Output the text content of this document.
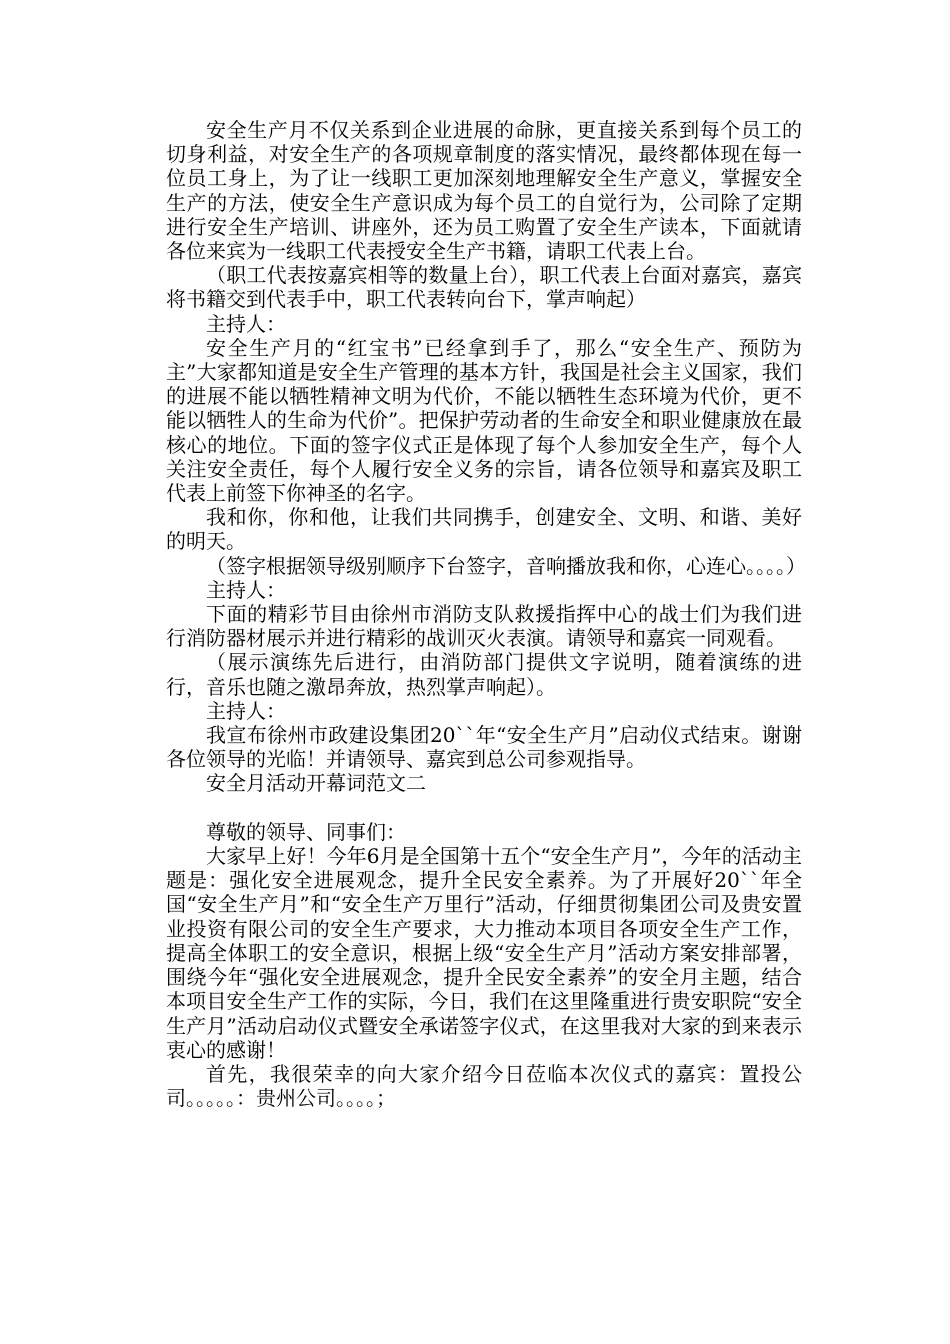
安全生产月不仅关系到企业进展的命脉，更直接关系到每个员工的切身利益，对安全生产的各项规章制度的落实情况，最终都体现在每一位员工身上，为了让一线职工更加深刻地理解安全生产意义，掌握安全生产的方法，使安全生产意识成为每个员工的自觉行为，公司除了定期进行安全生产培训、讲座外，还为员工购置了安全生产读本，下面就请各位来宾为一线职工代表授安全生产书籍，请职工代表上台。

（职工代表按嘉宾相等的数量上台），职工代表上台面对嘉宾，嘉宾将书籍交到代表手中，职工代表转向台下，掌声响起）

主持人：

安全生产月的“红宝书”已经拿到手了，那么“安全生产、预防为主”大家都知道是安全生产管理的基本方针，我国是社会主义国家，我们的进展不能以牺牲精神文明为代价，不能以牺牲生态环境为代价，更不能以牺牲人的生命为代价”。把保护劳动者的生命安全和职业健康放在最核心的地位。下面的签字仪式正是体现了每个人参加安全生产，每个人关注安全责任，每个人履行安全义务的宗旨，请各位领导和嘉宾及职工代表上前签下你神圣的名字。

我和你，你和他，让我们共同携手，创建安全、文明、和谐、美好的明天。

（签字根据领导级别顺序下台签字，音响播放我和你，心连心。。。。）

主持人：

下面的精彩节目由徐州市消防支队救援指挥中心的战士们为我们进行消防器材展示并进行精彩的战训灭火表演。请领导和嘉宾一同观看。

（展示演练先后进行，由消防部门提供文字说明，随着演练的进行，音乐也随之激昂奔放，热烈掌声响起）。

主持人：

我宣布徐州市政建设集团20``年“安全生产月”启动仪式结束。谢谢各位领导的光临！并请领导、嘉宾到总公司参观指导。

安全月活动开幕词范文二

尊敬的领导、同事们：

大家早上好！今年6月是全国第十五个“安全生产月”，今年的活动主题是：强化安全进展观念，提升全民安全素养。为了开展好20``年全国“安全生产月”和“安全生产万里行”活动，仔细贯彻集团公司及贵安置业投资有限公司的安全生产要求，大力推动本项目各项安全生产工作，提高全体职工的安全意识，根据上级“安全生产月”活动方案安排部署，围绕今年“强化安全进展观念，提升全民安全素养”的安全月主题，结合本项目安全生产工作的实际，今日，我们在这里隆重进行贵安职院“安全生产月”活动启动仪式暨安全承诺签字仪式，在这里我对大家的到来表示衷心的感谢！

首先，我很荣幸的向大家介绍今日莅临本次仪式的嘉宾：置投公司。。。。。：贵州公司。。。。；
